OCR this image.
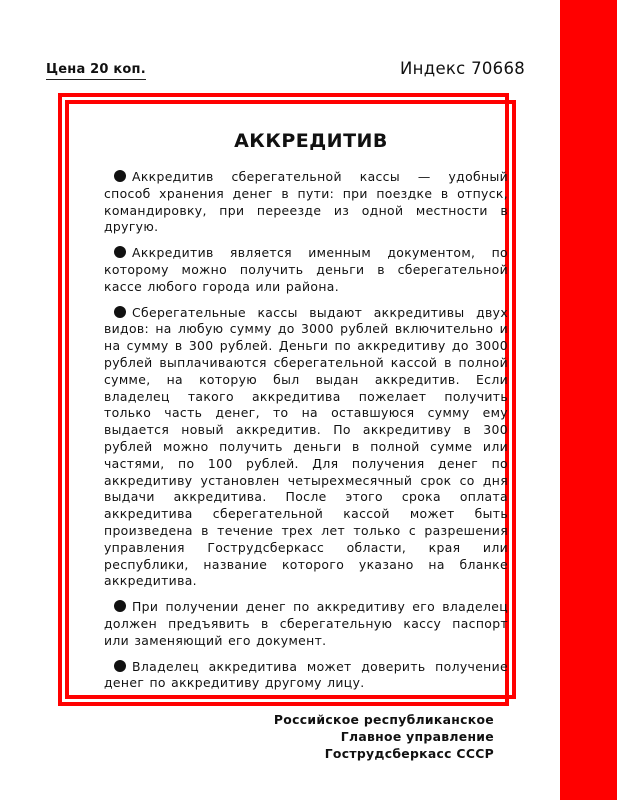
Цена 20 коп.	Индекс 70668
АККРЕДИТИВ

Аккредитив сберегательной кассы — удобный способ хранения денег в пути: при поездке в отпуск, командировку, при переезде из одной местности в другую.

Аккредитив является именным документом, по которому можно получить деньги в сберегательной кассе любого города или района.

Сберегательные кассы выдают аккредитивы двух видов: на любую сумму до 3000 рублей включительно и на сумму в 300 рублей. Деньги по аккредитиву до 3000 рублей выплачиваются сберегательной кассой в полной сумме, на которую был выдан аккредитив. Если владелец такого аккредитива пожелает получить только часть денег, то на оставшуюся сумму ему выдается новый аккредитив. По аккредитиву в 300 рублей можно получить деньги в полной сумме или частями, по 100 рублей. Для получения денег по аккредитиву установлен четырехмесячный срок со дня выдачи аккредитива. После этого срока оплата аккредитива сберегательной кассой может быть произведена в течение трех лет только с разрешения управления Гострудсберкасс области, края или республики, название которого указано на бланке аккредитива.

При получении денег по аккредитиву его владелец должен предъявить в сберегательную кассу паспорт или заменяющий его документ.

Владелец аккредитива может доверить получение денег по аккредитиву другому лицу.

Российское республиканское
Главное управление
Гострудсберкасс СССР
